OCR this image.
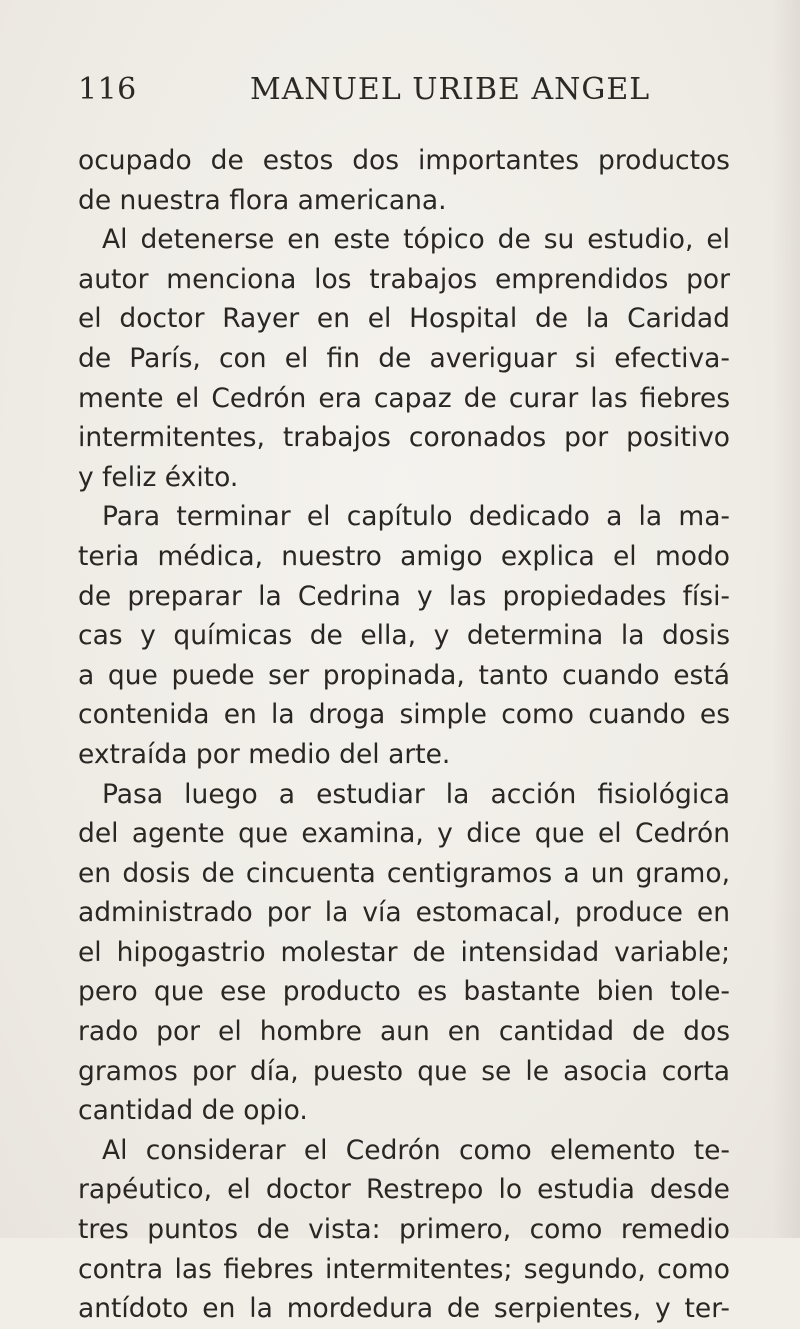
116	MANUEL URIBE ANGEL
ocupado de estos dos importantes productos
de nuestra flora americana.
Al detenerse en este tópico de su estudio, el
autor menciona los trabajos emprendidos por
el doctor Rayer en el Hospital de la Caridad
de París, con el fin de averiguar si efectiva-
mente el Cedrón era capaz de curar las fiebres
intermitentes, trabajos coronados por positivo
y feliz éxito.
Para terminar el capítulo dedicado a la ma-
teria médica, nuestro amigo explica el modo
de preparar la Cedrina y las propiedades físi-
cas y químicas de ella, y determina la dosis
a que puede ser propinada, tanto cuando está
contenida en la droga simple como cuando es
extraída por medio del arte.
Pasa luego a estudiar la acción fisiológica
del agente que examina, y dice que el Cedrón
en dosis de cincuenta centigramos a un gramo,
administrado por la vía estomacal, produce en
el hipogastrio molestar de intensidad variable;
pero que ese producto es bastante bien tole-
rado por el hombre aun en cantidad de dos
gramos por día, puesto que se le asocia corta
cantidad de opio.
Al considerar el Cedrón como elemento te-
rapéutico, el doctor Restrepo lo estudia desde
tres puntos de vista: primero, como remedio
contra las fiebres intermitentes; segundo, como
antídoto en la mordedura de serpientes, y ter-
